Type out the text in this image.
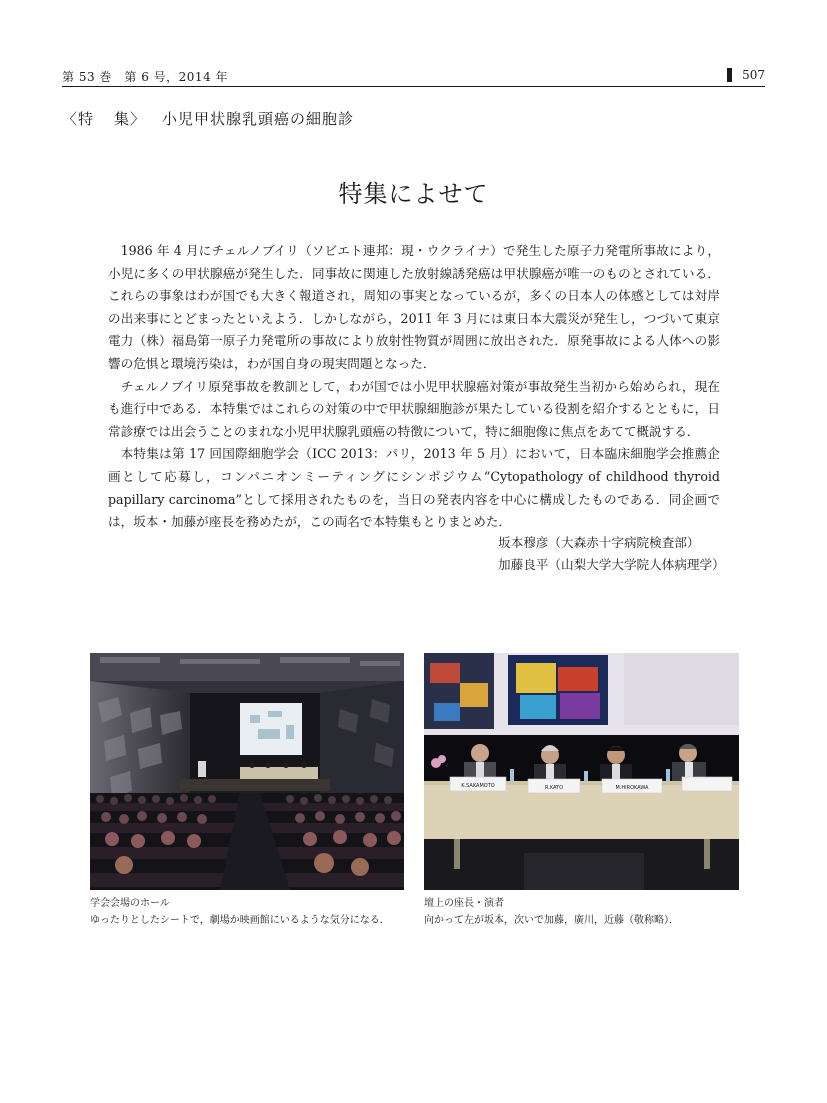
第 53 巻　第 6 号，2014 年	507
〈特 集〉　 小児甲状腺乳頭癌の細胞診
特集によせて

1986 年 4 月にチェルノブイリ（ソビエト連邦：現・ウクライナ）で発生した原子力発電所事故により，小児に多くの甲状腺癌が発生した．同事故に関連した放射線誘発癌は甲状腺癌が唯一のものとされている．これらの事象はわが国でも大きく報道され，周知の事実となっているが，多くの日本人の体感としては対岸の出来事にとどまったといえよう．しかしながら，2011 年 3 月には東日本大震災が発生し，つづいて東京電力（株）福島第一原子力発電所の事故により放射性物質が周囲に放出された．原発事故による人体への影響の危惧と環境汚染は，わが国自身の現実問題となった．

チェルノブイリ原発事故を教訓として，わが国では小児甲状腺癌対策が事故発生当初から始められ，現在も進行中である．本特集ではこれらの対策の中で甲状腺細胞診が果たしている役割を紹介するとともに，日常診療では出会うことのまれな小児甲状腺乳頭癌の特徴について，特に細胞像に焦点をあてて概説する．

本特集は第 17 回国際細胞学会（ICC 2013：パリ，2013 年 5 月）において，日本臨床細胞学会推薦企画として応募し，コンパニオンミーティングにシンポジウム“Cytopathology of childhood thyroid papillary carcinoma”として採用されたものを，当日の発表内容を中心に構成したものである．同企画では，坂本・加藤が座長を務めたが，この両名で本特集もとりまとめた．

坂本穆彦（大森赤十字病院検査部）
加藤良平（山梨大学大学院人体病理学）
K.SAKAMOTO	R.KATO	M.HIROKAWA
学会会場のホール
ゆったりとしたシートで，劇場か映画館にいるような気分になる．
壇上の座長・演者
向かって左が坂本，次いで加藤，廣川，近藤（敬称略）．
